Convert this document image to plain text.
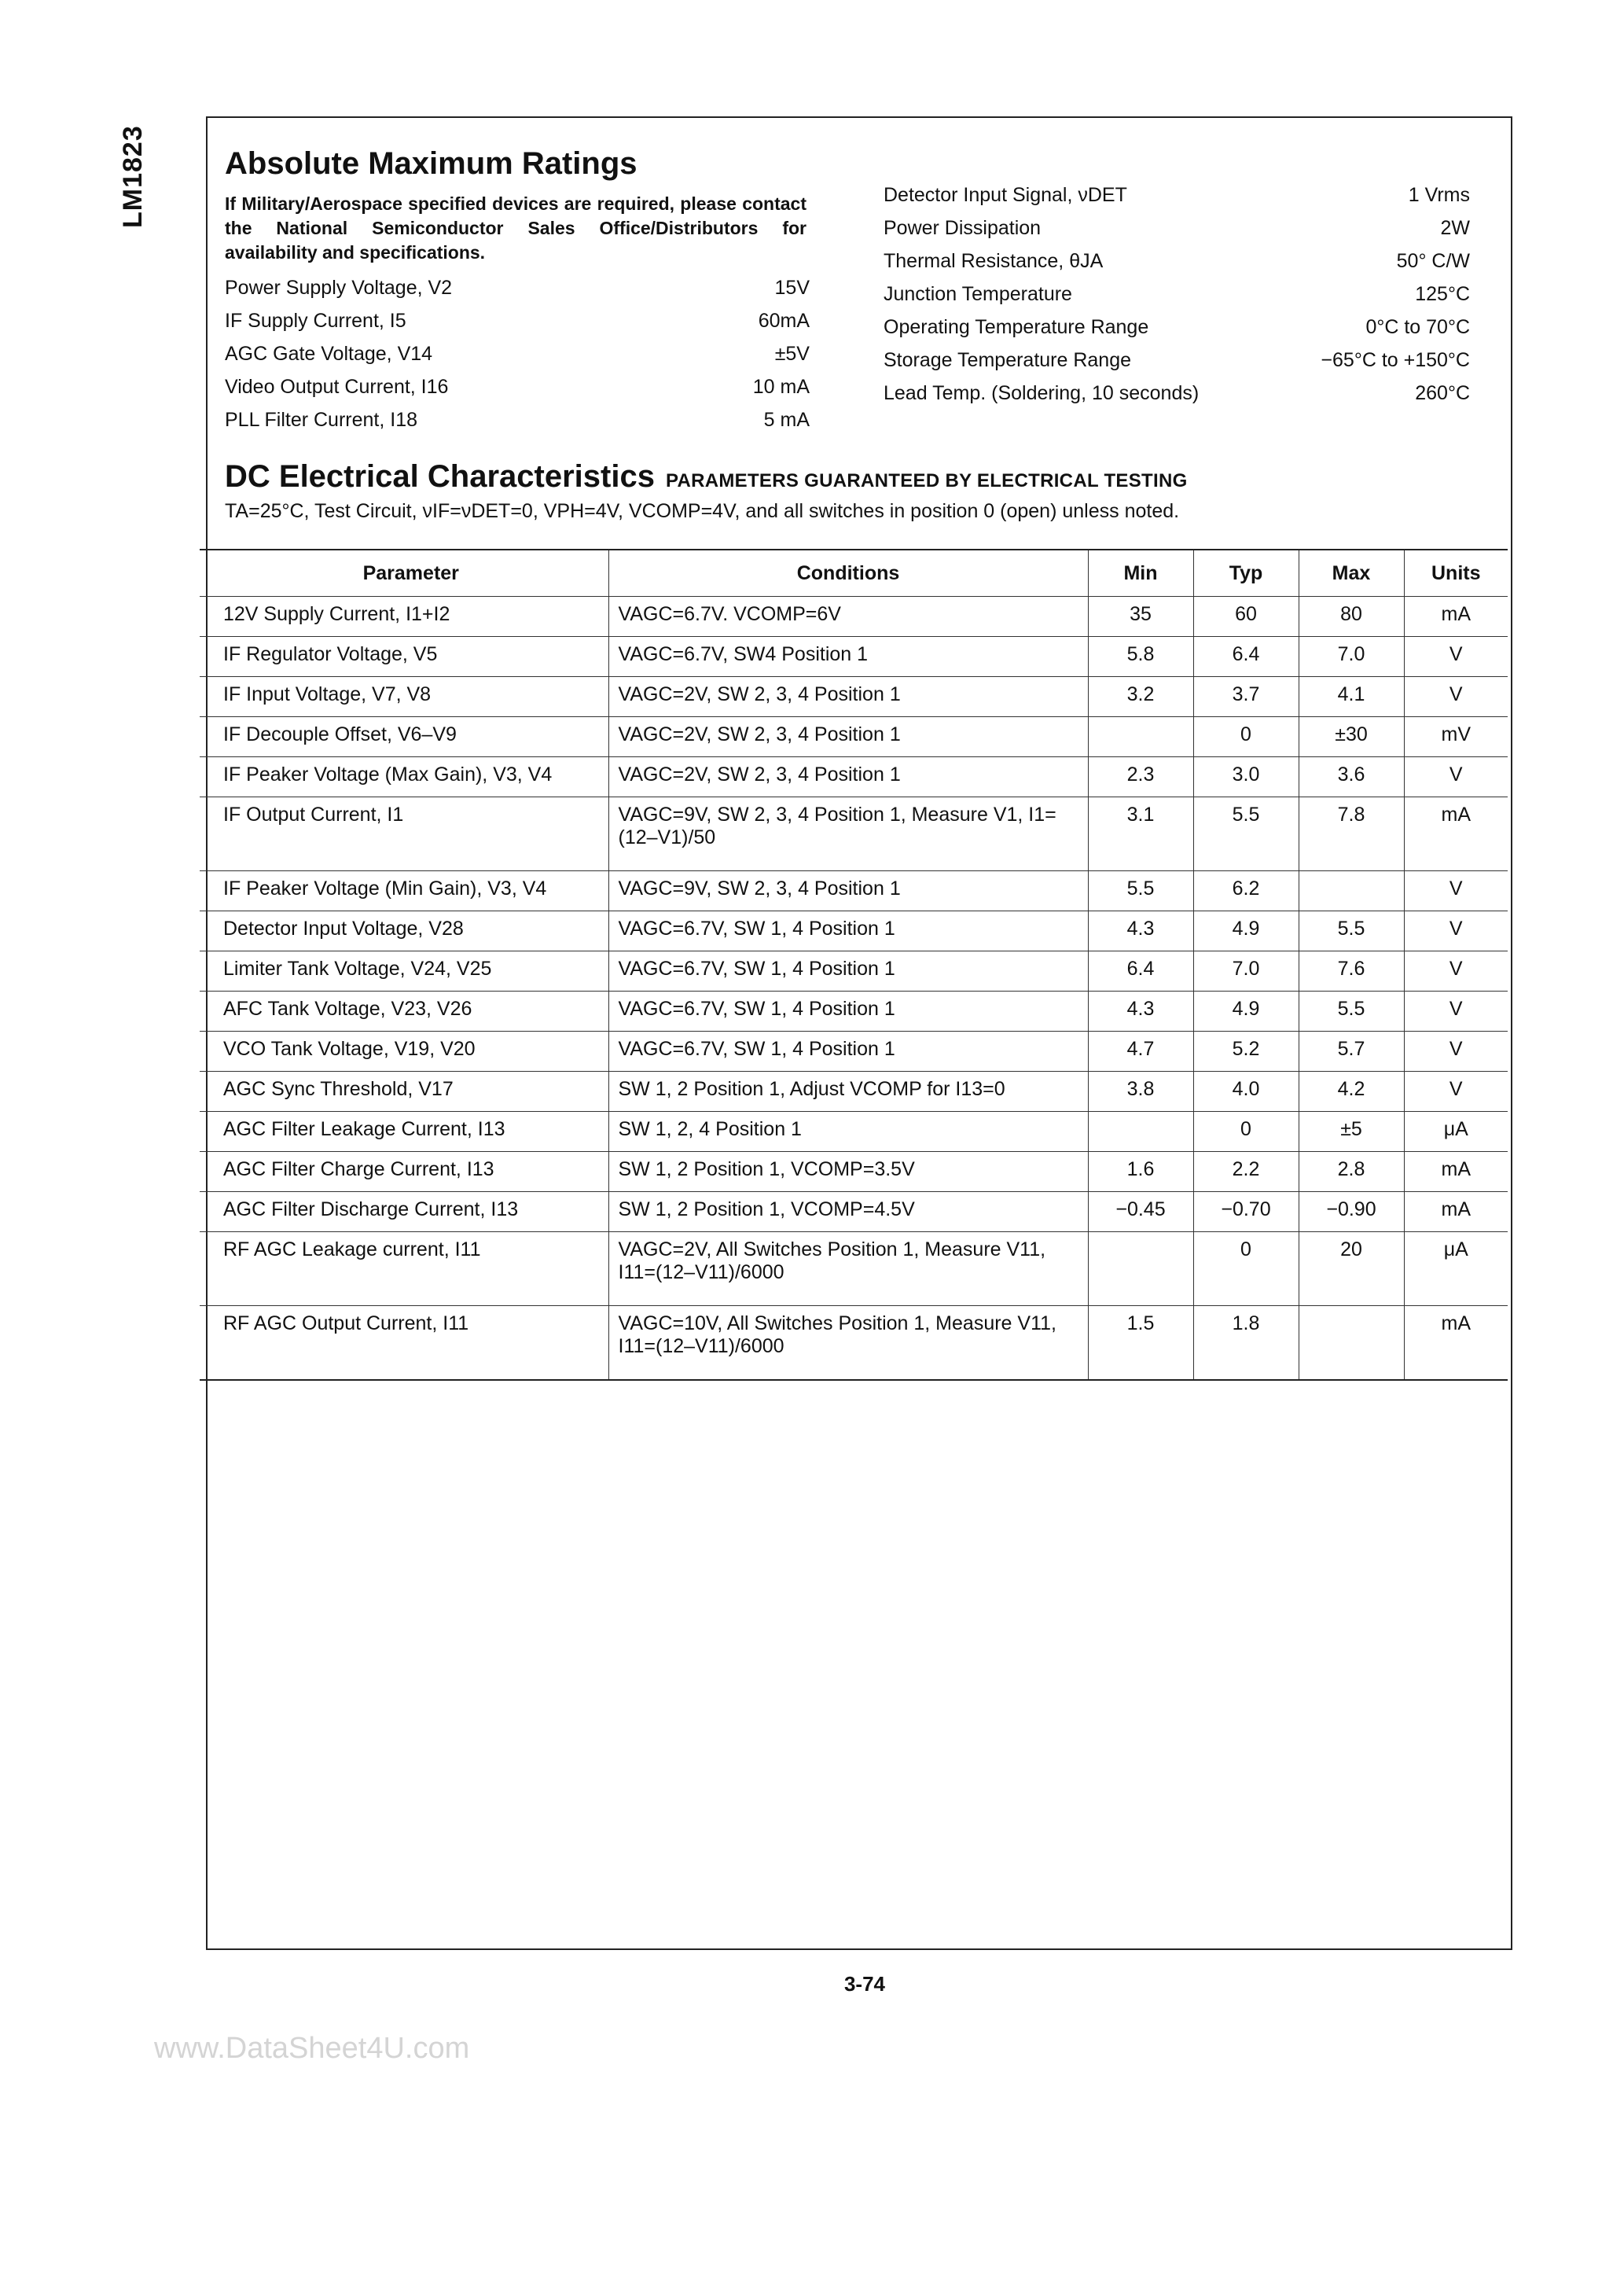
LM1823 Absolute Maximum Ratings
If Military/Aerospace specified devices are required, please contact the National Semiconductor Sales Office/Distributors for availability and specifications.
Power Supply Voltage, V2	15V
IF Supply Current, I5	60mA
AGC Gate Voltage, V14	±5V
Video Output Current, I16	10 mA
PLL Filter Current, I18	5 mA
Detector Input Signal, νDET	1 Vrms
Power Dissipation	2W
Thermal Resistance, θJA	50° C/W
Junction Temperature	125°C
Operating Temperature Range	0°C to 70°C
Storage Temperature Range	−65°C to +150°C
Lead Temp. (Soldering, 10 seconds)	260°C
DC Electrical Characteristics PARAMETERS GUARANTEED BY ELECTRICAL TESTING
TA=25°C, Test Circuit, νIF=νDET=0, VPH=4V, VCOMP=4V, and all switches in position 0 (open) unless noted.
Parameter	Conditions	Min	Typ	Max	Units
12V Supply Current, I1+I2	VAGC=6.7V. VCOMP=6V	35	60	80	mA
IF Regulator Voltage, V5	VAGC=6.7V, SW4 Position 1	5.8	6.4	7.0	V
IF Input Voltage, V7, V8	VAGC=2V, SW 2, 3, 4 Position 1	3.2	3.7	4.1	V
IF Decouple Offset, V6–V9	VAGC=2V, SW 2, 3, 4 Position 1		0	±30	mV
IF Peaker Voltage (Max Gain), V3, V4	VAGC=2V, SW 2, 3, 4 Position 1	2.3	3.0	3.6	V
IF Output Current, I1	VAGC=9V, SW 2, 3, 4 Position 1, Measure V1, I1=(12–V1)/50	3.1	5.5	7.8	mA
IF Peaker Voltage (Min Gain), V3, V4	VAGC=9V, SW 2, 3, 4 Position 1	5.5	6.2		V
Detector Input Voltage, V28	VAGC=6.7V, SW 1, 4 Position 1	4.3	4.9	5.5	V
Limiter Tank Voltage, V24, V25	VAGC=6.7V, SW 1, 4 Position 1	6.4	7.0	7.6	V
AFC Tank Voltage, V23, V26	VAGC=6.7V, SW 1, 4 Position 1	4.3	4.9	5.5	V
VCO Tank Voltage, V19, V20	VAGC=6.7V, SW 1, 4 Position 1	4.7	5.2	5.7	V
AGC Sync Threshold, V17	SW 1, 2 Position 1, Adjust VCOMP for I13=0	3.8	4.0	4.2	V
AGC Filter Leakage Current, I13	SW 1, 2, 4 Position 1		0	±5	μA
AGC Filter Charge Current, I13	SW 1, 2 Position 1, VCOMP=3.5V	1.6	2.2	2.8	mA
AGC Filter Discharge Current, I13	SW 1, 2 Position 1, VCOMP=4.5V	−0.45	−0.70	−0.90	mA
RF AGC Leakage current, I11	VAGC=2V, All Switches Position 1, Measure V11, I11=(12–V11)/6000		0	20	μA
RF AGC Output Current, I11	VAGC=10V, All Switches Position 1, Measure V11, I11=(12–V11)/6000	1.5	1.8		mA
3-74
www.DataSheet4U.com
